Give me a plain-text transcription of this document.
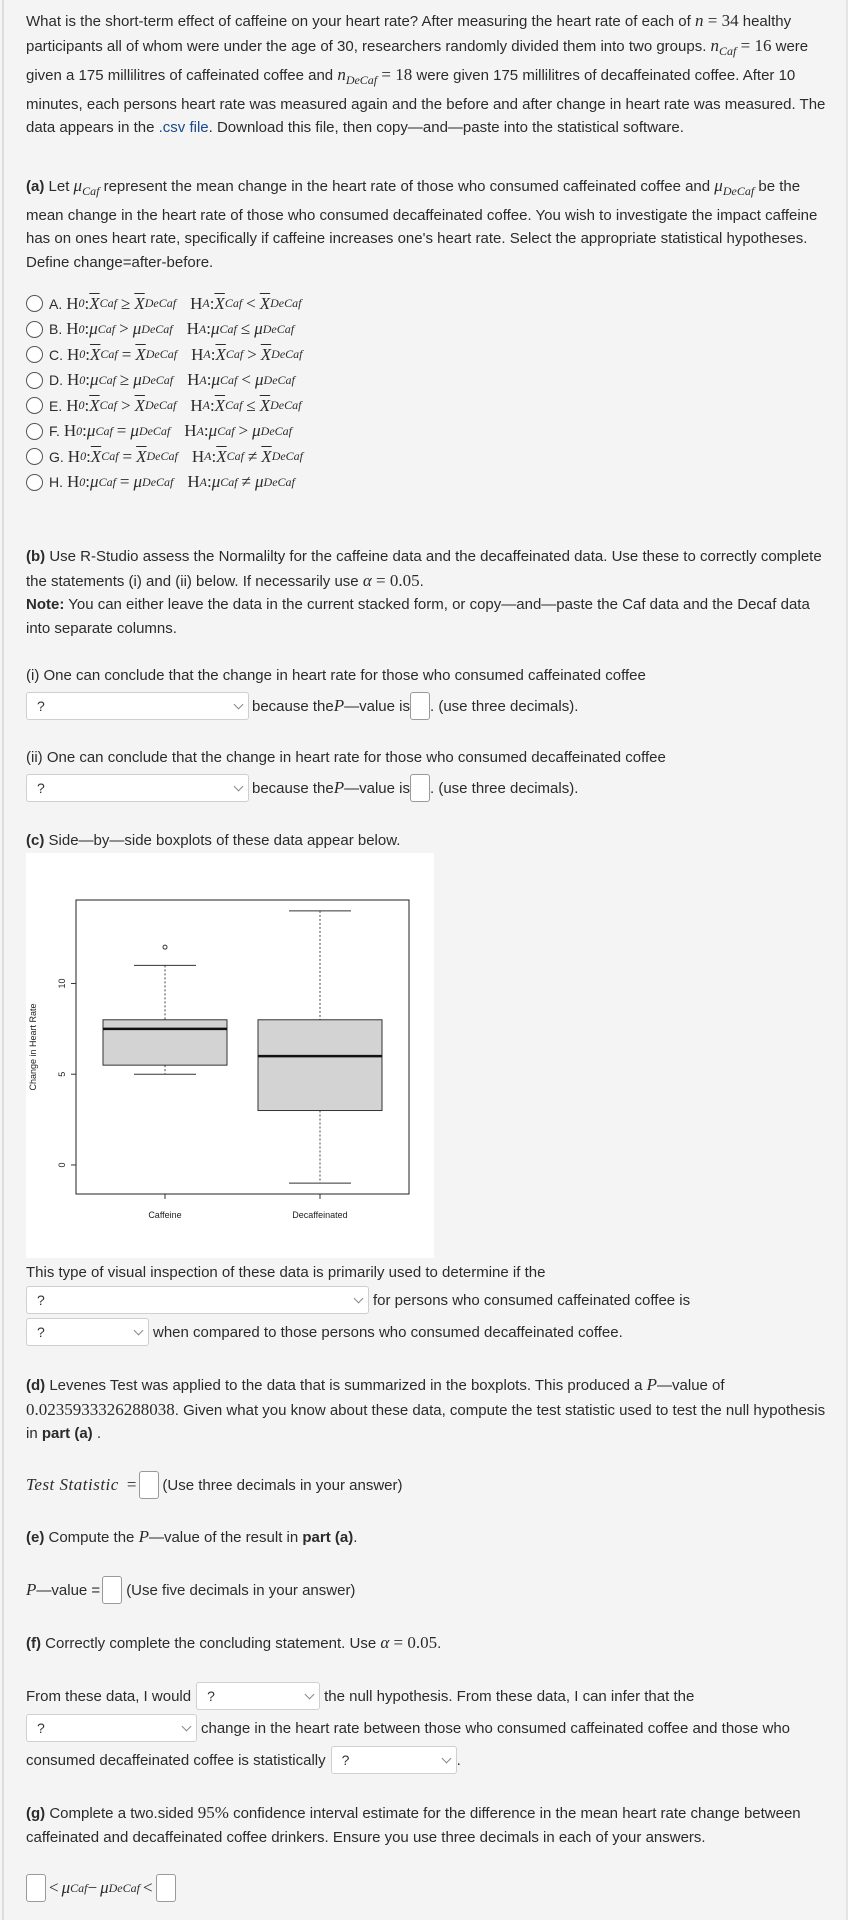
What is the short-term effect of caffeine on your heart rate? After measuring the heart rate of each of n = 34 healthy participants all of whom were under the age of 30, researchers randomly divided them into two groups. $n_{Caf} = 16$ were given a 175 millilitres of caffeinated coffee and $n_{DeCaf} = 18$ were given 175 millilitres of decaffeinated coffee. After 10 minutes, each persons heart rate was measured again and the before and after change in heart rate was measured. The data appears in the .csv file. Download this file, then copy—and—paste into the statistical software.
(a) Let $\mu_{Caf}$ represent the mean change in the heart rate of those who consumed caffeinated coffee and $\mu_{DeCaf}$ be the mean change in the heart rate of those who consumed decaffeinated coffee. You wish to investigate the impact caffeine has on ones heart rate, specifically if caffeine increases one's heart rate. Select the appropriate statistical hypotheses. Define change=after-before.
A. H 0 : $\overline{X}$ Caf ≥ $\overline{X}$ DeCaf H A : $\overline{X}$ Caf < $\overline{X}$ DeCaf
B. H 0 : μ Caf > μ DeCaf H A : μ Caf ≤ μ DeCaf
C. H 0 : $\overline{X}$ Caf = $\overline{X}$ DeCaf H A : $\overline{X}$ Caf > $\overline{X}$ DeCaf
D. H 0 : μ Caf ≥ μ DeCaf H A : μ Caf < μ DeCaf
E. H 0 : $\overline{X}$ Caf > $\overline{X}$ DeCaf H A : $\overline{X}$ Caf ≤ $\overline{X}$ DeCaf
F. H 0 : μ Caf = μ DeCaf H A : μ Caf > μ DeCaf
G. H 0 : $\overline{X}$ Caf = $\overline{X}$ DeCaf H A : $\overline{X}$ Caf ≠ $\overline{X}$ DeCaf
H. H 0 : μ Caf = μ DeCaf H A : μ Caf ≠ μ DeCaf
(b) Use R-Studio assess the Normalilty for the caffeine data and the decaffeinated data. Use these to correctly complete the statements (i) and (ii) below. If necessarily use α = 0.05.
Note: You can either leave the data in the current stacked form, or copy—and—paste the Caf data and the Decaf data into separate columns.
(i) One can conclude that the change in heart rate for those who consumed caffeinated coffee
?	because the P —value is . (use three decimals).
(ii) One can conclude that the change in heart rate for those who consumed decaffeinated coffee
?	because the P —value is . (use three decimals).
(c) Side—by—side boxplots of these data appear below.
Change in Heart Rate
Caffeine	Decaffeinated
0
5
10
This type of visual inspection of these data is primarily used to determine if the
?	for persons who consumed caffeinated coffee is
?	when compared to those persons who consumed decaffeinated coffee.
(d) Levenes Test was applied to the data that is summarized in the boxplots. This produced a P—value of 0.0235933326288038. Given what you know about these data, compute the test statistic used to test the null hypothesis in part (a) .
Test Statistic = (Use three decimals in your answer)
(e) Compute the P—value of the result in part (a).
P —value = (Use five decimals in your answer)
(f) Correctly complete the concluding statement. Use α = 0.05.
From these data, I would ?	the null hypothesis. From these data, I can infer that the
?	change in the heart rate between those who consumed caffeinated coffee and those who
consumed decaffeinated coffee is statistically ?	.
(g) Complete a two.sided 95% confidence interval estimate for the difference in the mean heart rate change between caffeinated and decaffeinated coffee drinkers. Ensure you use three decimals in each of your answers.
< μ Caf − μ DeCaf <
